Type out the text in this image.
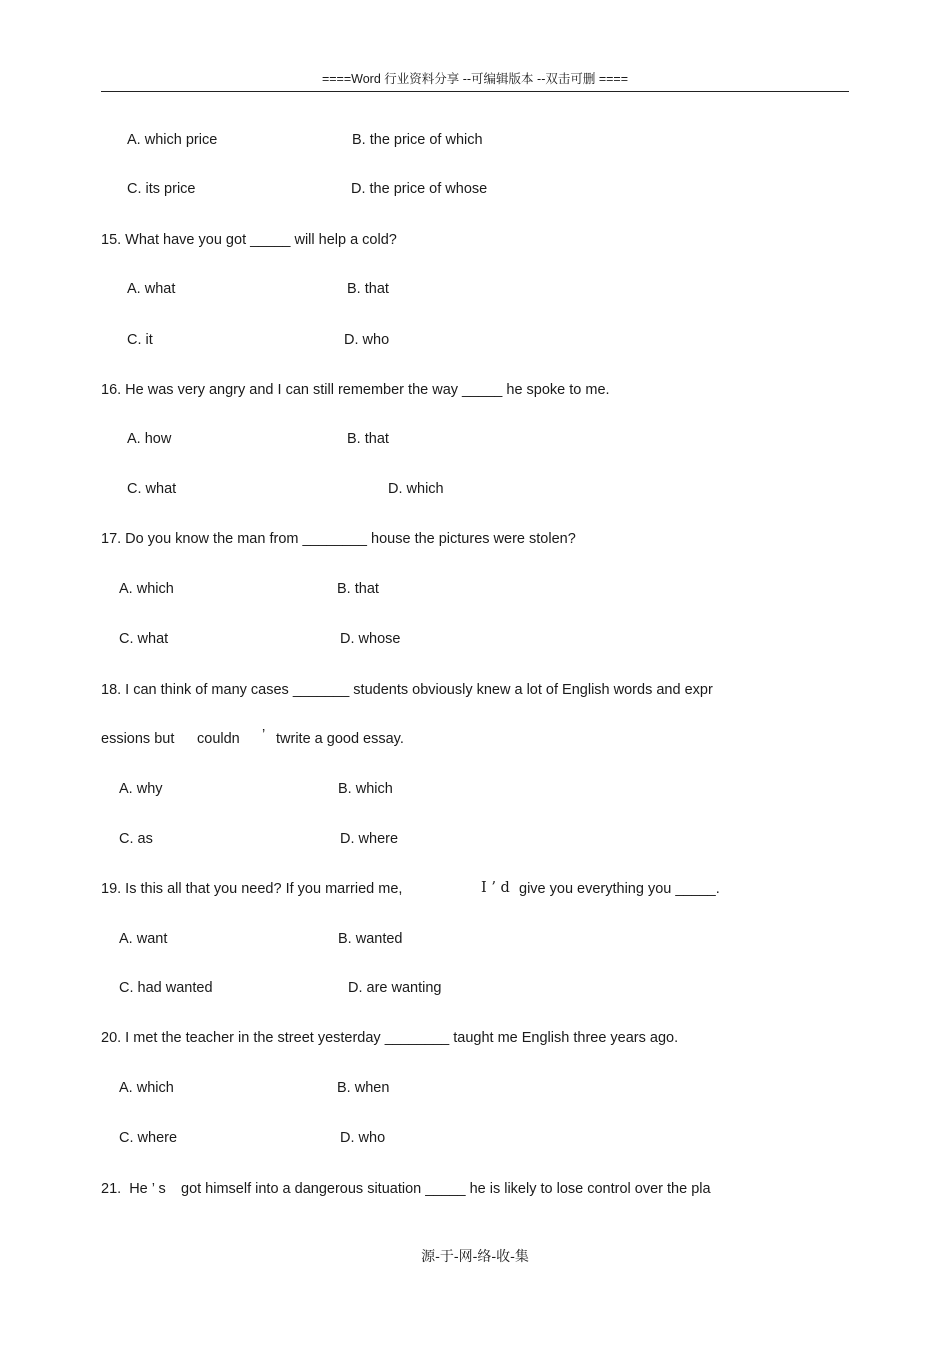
====Word 行业资料分享 --可编辑版本 --双击可删 ====
A. which price	B. the price of which
C. its price	D. the price of whose
15. What have you got _____ will help a cold?
A. what	B. that
C. it	D. who
16. He was very angry and I can still remember the way _____ he spoke to me.
A. how	B. that
C. what	D. which
17. Do you know the man from ________ house the pictures were stolen?
A. which	B. that
C. what	D. whose
18. I can think of many cases _______ students obviously knew a lot of English words and expr
essions but couldn ’ twrite a good essay.
A. why	B. which
C. as	D. where
19. Is this all that you need? If you married me,	I ’ d give you everything you _____.
A. want	B. wanted
C. had wanted	D. are wanting
20. I met the teacher in the street yesterday ________ taught me English three years ago.
A. which	B. when
C. where	D. who
21.  He ’ s got himself into a dangerous situation _____ he is likely to lose control over the pla
源-于-网-络-收-集
